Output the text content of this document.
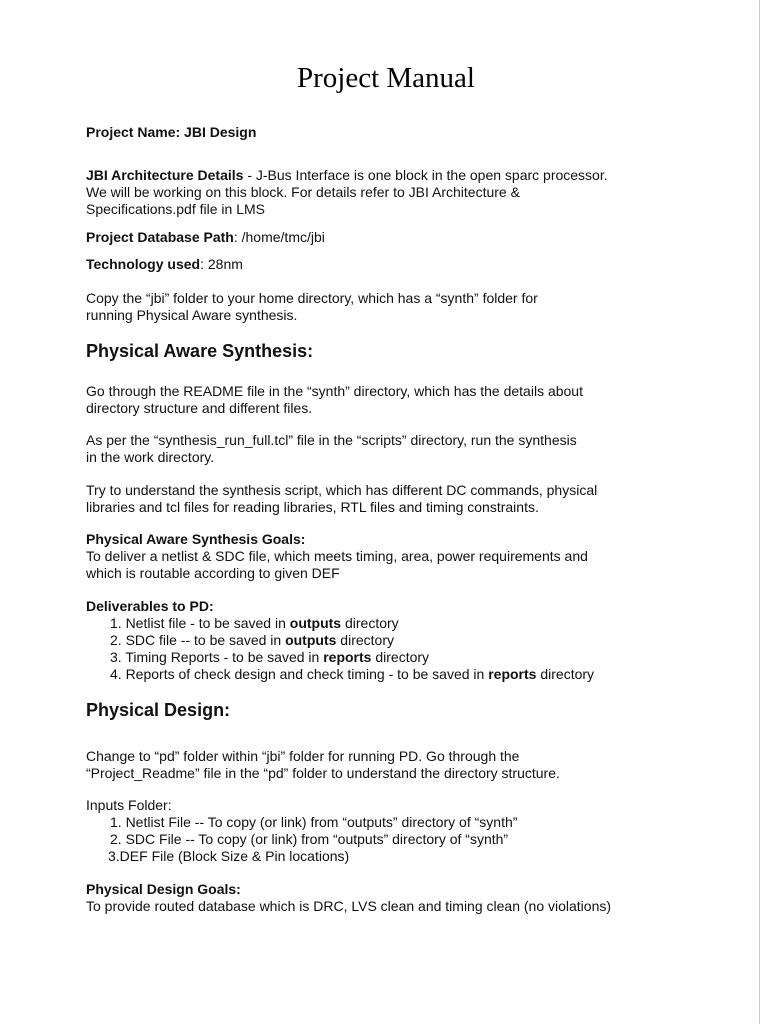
Project Manual

Project Name: JBI Design

JBI Architecture Details - J-Bus Interface is one block in the open sparc processor.
We will be working on this block. For details refer to JBI Architecture &
Specifications.pdf file in LMS

Project Database Path: /home/tmc/jbi

Technology used: 28nm

Copy the “jbi” folder to your home directory, which has a “synth” folder for
running Physical Aware synthesis.

Physical Aware Synthesis:

Go through the README file in the “synth” directory, which has the details about
directory structure and different files.

As per the “synthesis_run_full.tcl” file in the “scripts” directory, run the synthesis
in the work directory.

Try to understand the synthesis script, which has different DC commands, physical
libraries and tcl files for reading libraries, RTL files and timing constraints.

Physical Aware Synthesis Goals:
To deliver a netlist & SDC file, which meets timing, area, power requirements and
which is routable according to given DEF

Deliverables to PD:
1. Netlist file - to be saved in outputs directory
2. SDC file -- to be saved in outputs directory
3. Timing Reports - to be saved in reports directory
4. Reports of check design and check timing - to be saved in reports directory
Physical Design:

Change to “pd” folder within “jbi” folder for running PD. Go through the
“Project_Readme” file in the “pd” folder to understand the directory structure.

Inputs Folder:
1. Netlist File -- To copy (or link) from “outputs” directory of “synth”
2. SDC File -- To copy (or link) from “outputs” directory of “synth”
3.DEF File (Block Size & Pin locations)

Physical Design Goals:
To provide routed database which is DRC, LVS clean and timing clean (no violations)
